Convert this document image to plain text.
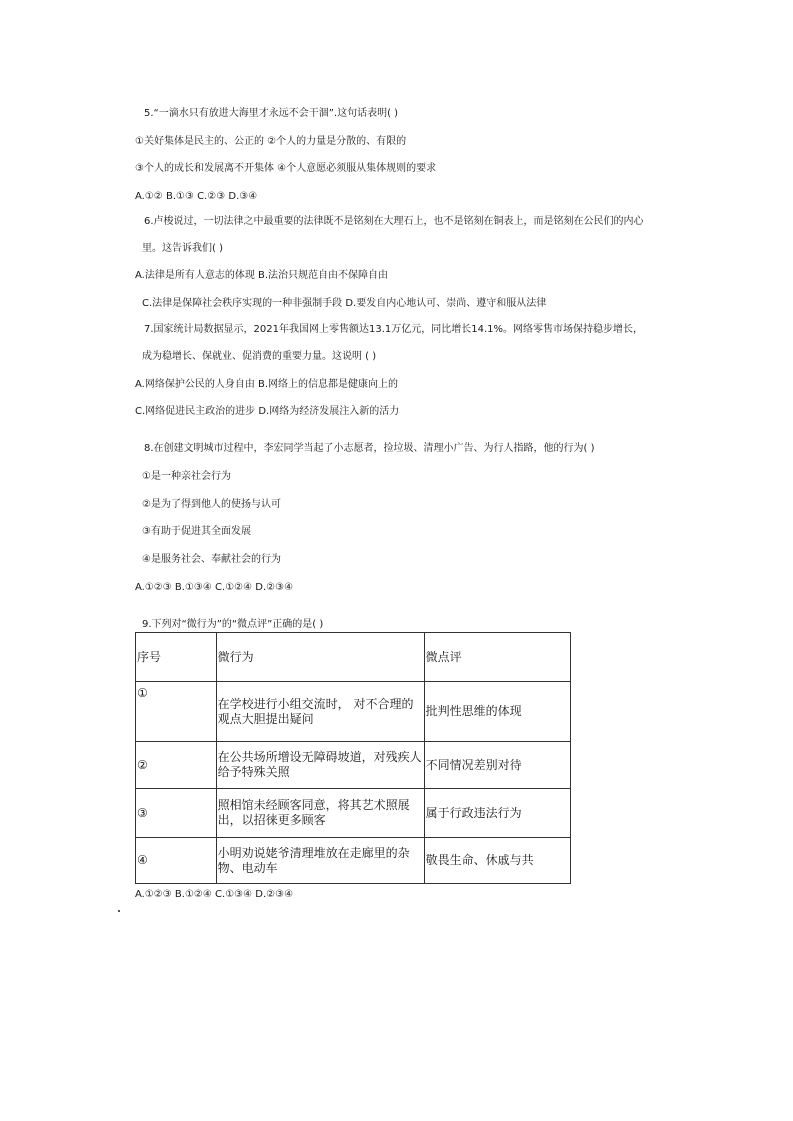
5.“一滴水只有放进大海里才永远不会干涸”.这句话表明( )
①关好集体是民主的、公正的 ②个人的力量是分散的、有限的
③个人的成长和发展离不开集体 ④个人意愿必须服从集体规则的要求
A.①② B.①③ C.②③ D.③④
6.卢梭说过，一切法律之中最重要的法律既不是铭刻在大理石上，也不是铭刻在铜表上，而是铭刻在公民们的内心
里。这告诉我们( )
A.法律是所有人意志的体现 B.法治只规范自由不保障自由
C.法律是保障社会秩序实现的一种非强制手段 D.要发自内心地认可、崇尚、遵守和服从法律
7.国家统计局数据显示，2021年我国网上零售额达13.1万亿元，同比增长14.1%。网络零售市场保持稳步增长，
成为稳增长、保就业、促消费的重要力量。这说明 ( )
A.网络保护公民的人身自由 B.网络上的信息都是健康向上的
C.网络促进民主政治的进步 D.网络为经济发展注入新的活力
8.在创建文明城市过程中，李宏同学当起了小志愿者，捡垃圾、清理小广告、为行人指路，他的行为( )
①是一种亲社会行为
②是为了得到他人的使扬与认可
③有助于促进其全面发展
④是服务社会、奉献社会的行为
A.①②③ B.①③④ C.①②④ D.②③④
9.下列对“微行为”的“微点评”正确的是( )
序号	微行为	微点评
①	在学校进行小组交流时， 对不合理的观点大胆提出疑问	批判性思维的体现
②	在公共场所增设无障碍坡道，对残疾人给予特殊关照	不同情况差别对待
③	照相馆未经顾客同意，将其艺术照展出，以招徕更多顾客	属于行政违法行为
④	小明劝说姥爷清理堆放在走廊里的杂物、电动车	敬畏生命、休戚与共
A.①②③ B.①②④ C.①③④ D.②③④
